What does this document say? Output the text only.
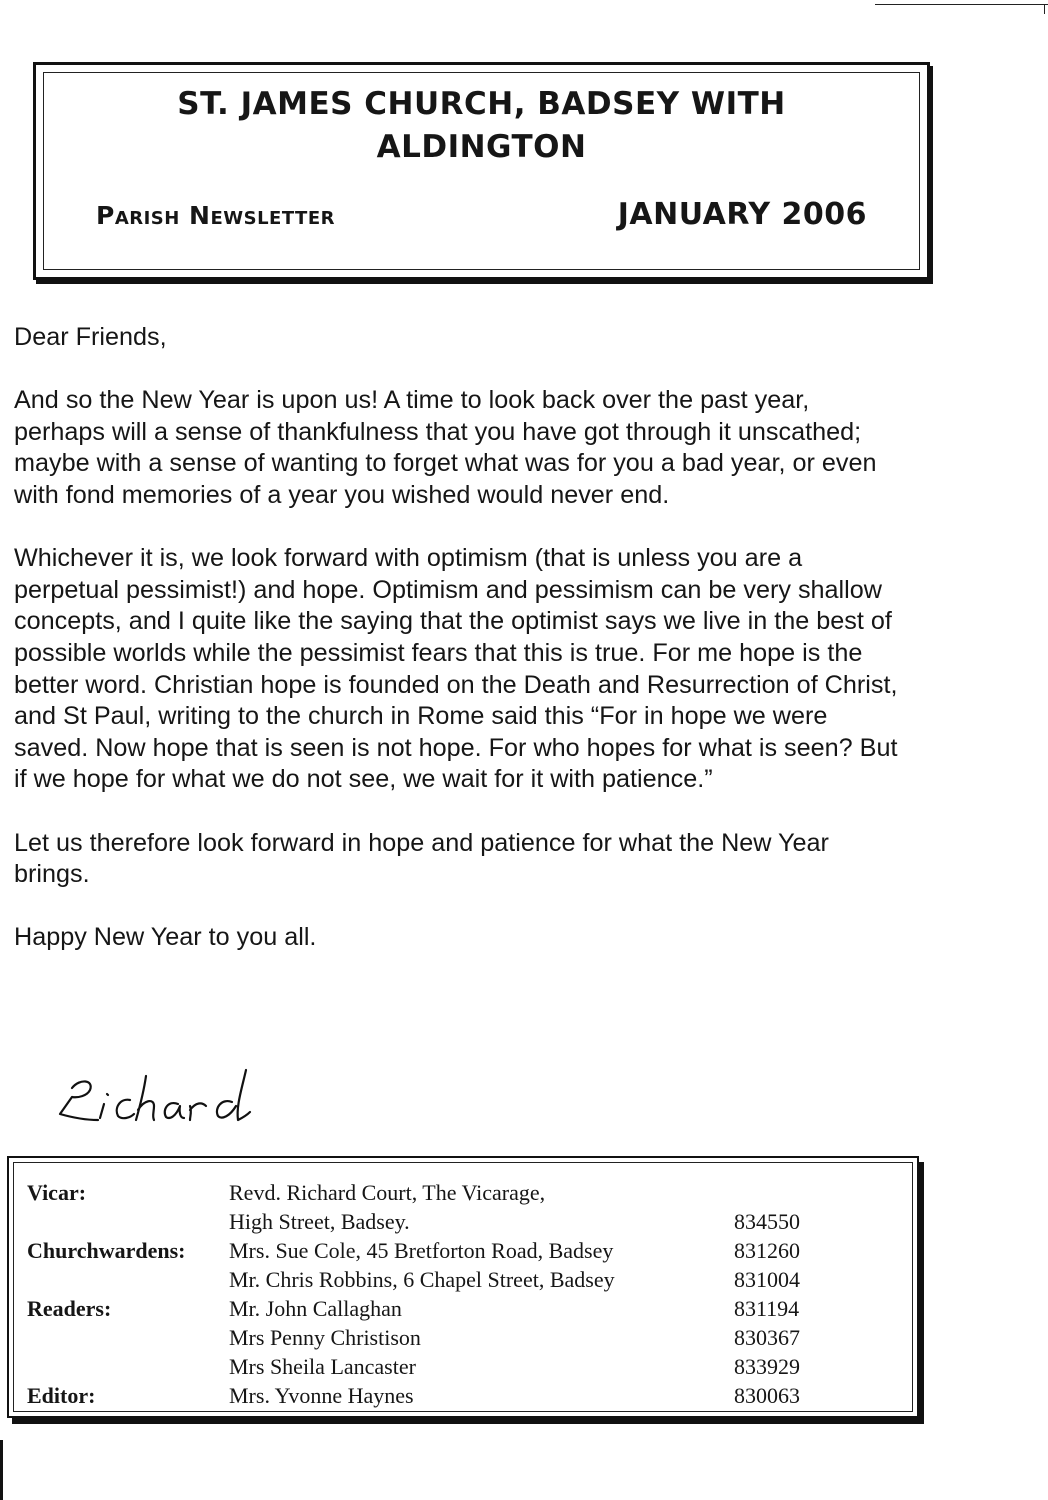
ST. JAMES CHURCH, BADSEY WITH
ALDINGTON
Parish Newsletter	JANUARY 2006

Dear Friends,

And so the New Year is upon us! A time to look back over the past year, perhaps will a sense of thankfulness that you have got through it unscathed; maybe with a sense of wanting to forget what was for you a bad year, or even with fond memories of a year you wished would never end.

Whichever it is, we look forward with optimism (that is unless you are a perpetual pessimist!) and hope. Optimism and pessimism can be very shallow concepts, and I quite like the saying that the optimist says we live in the best of possible worlds while the pessimist fears that this is true. For me hope is the better word. Christian hope is founded on the Death and Resurrection of Christ, and St Paul, writing to the church in Rome said this “For in hope we were saved. Now hope that is seen is not hope. For who hopes for what is seen? But if we hope for what we do not see, we wait for it with patience.”

Let us therefore look forward in hope and patience for what the New Year brings.

Happy New Year to you all.

Vicar:	Revd. Richard Court, The Vicarage,	
	High Street, Badsey.	834550
Churchwardens:	Mrs. Sue Cole, 45 Bretforton Road, Badsey	831260
	Mr. Chris Robbins, 6 Chapel Street, Badsey	831004
Readers:	Mr. John Callaghan	831194
	Mrs Penny Christison	830367
	Mrs Sheila Lancaster	833929
Editor:	Mrs. Yvonne Haynes	830063
